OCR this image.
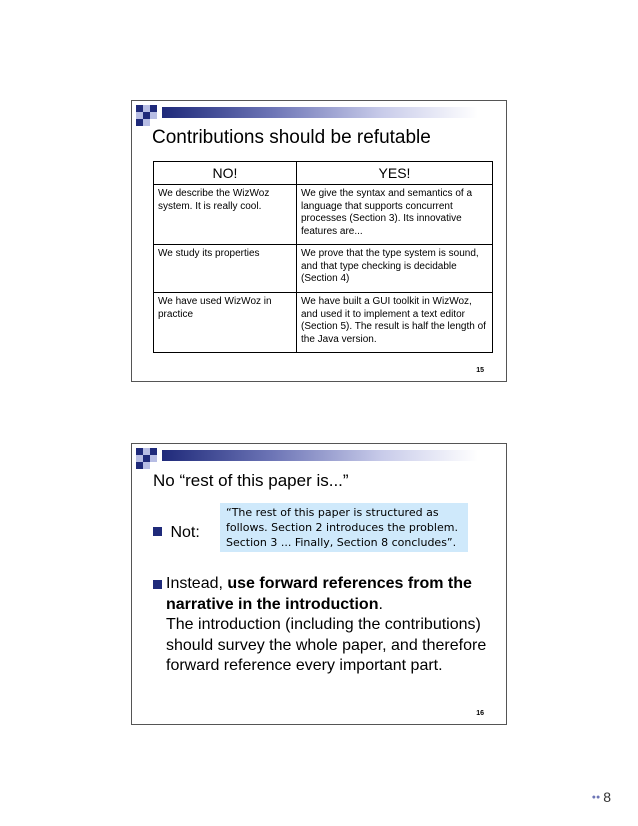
Contributions should be refutable
NO!	YES!
We describe the WizWoz system. It is really cool.	We give the syntax and semantics of a language that supports concurrent processes (Section 3). Its innovative features are...
We study its properties	We prove that the type system is sound, and that type checking is decidable (Section 4)
We have used WizWoz in practice	We have built a GUI toolkit in WizWoz, and used it to implement a text editor (Section 5). The result is half the length of the Java version.
15
No “rest of this paper is...”
Not:
“The rest of this paper is structured as follows. Section 2 introduces the problem. Section 3 ... Finally, Section 8 concludes”.
Instead, use forward references from the narrative in the introduction.
The introduction (including the contributions) should survey the whole paper, and therefore forward reference every important part.
16
●● 8
